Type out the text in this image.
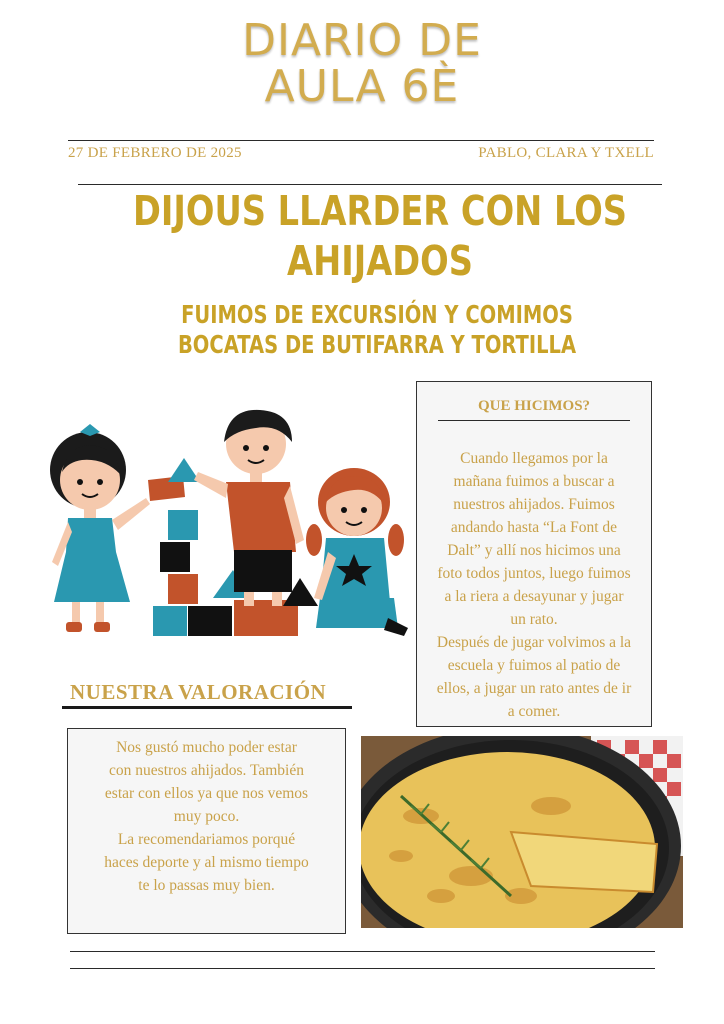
DIARIO DE
AULA 6È
27 DE FEBRERO DE 2025	PABLO, CLARA Y TXELL
DIJOUS LLARDER CON LOS
AHIJADOS
FUIMOS DE EXCURSIÓN Y COMIMOS
BOCATAS DE BUTIFARRA Y TORTILLA
QUE HICIMOS?
Cuando llegamos por la
mañana fuimos a buscar a
nuestros ahijados. Fuimos
andando hasta “La Font de
Dalt” y allí nos hicimos una
foto todos juntos, luego fuimos
a la riera a desayunar y jugar
un rato.
Después de jugar volvimos a la
escuela y fuimos al patio de
ellos, a jugar un rato antes de ir
a comer.
NUESTRA VALORACIÓN
Nos gustó mucho poder estar
con nuestros ahijados. También
estar con ellos ya que nos vemos
muy poco.
La recomendariamos porqué
haces deporte y al mismo tiempo
te lo passas muy bien.
